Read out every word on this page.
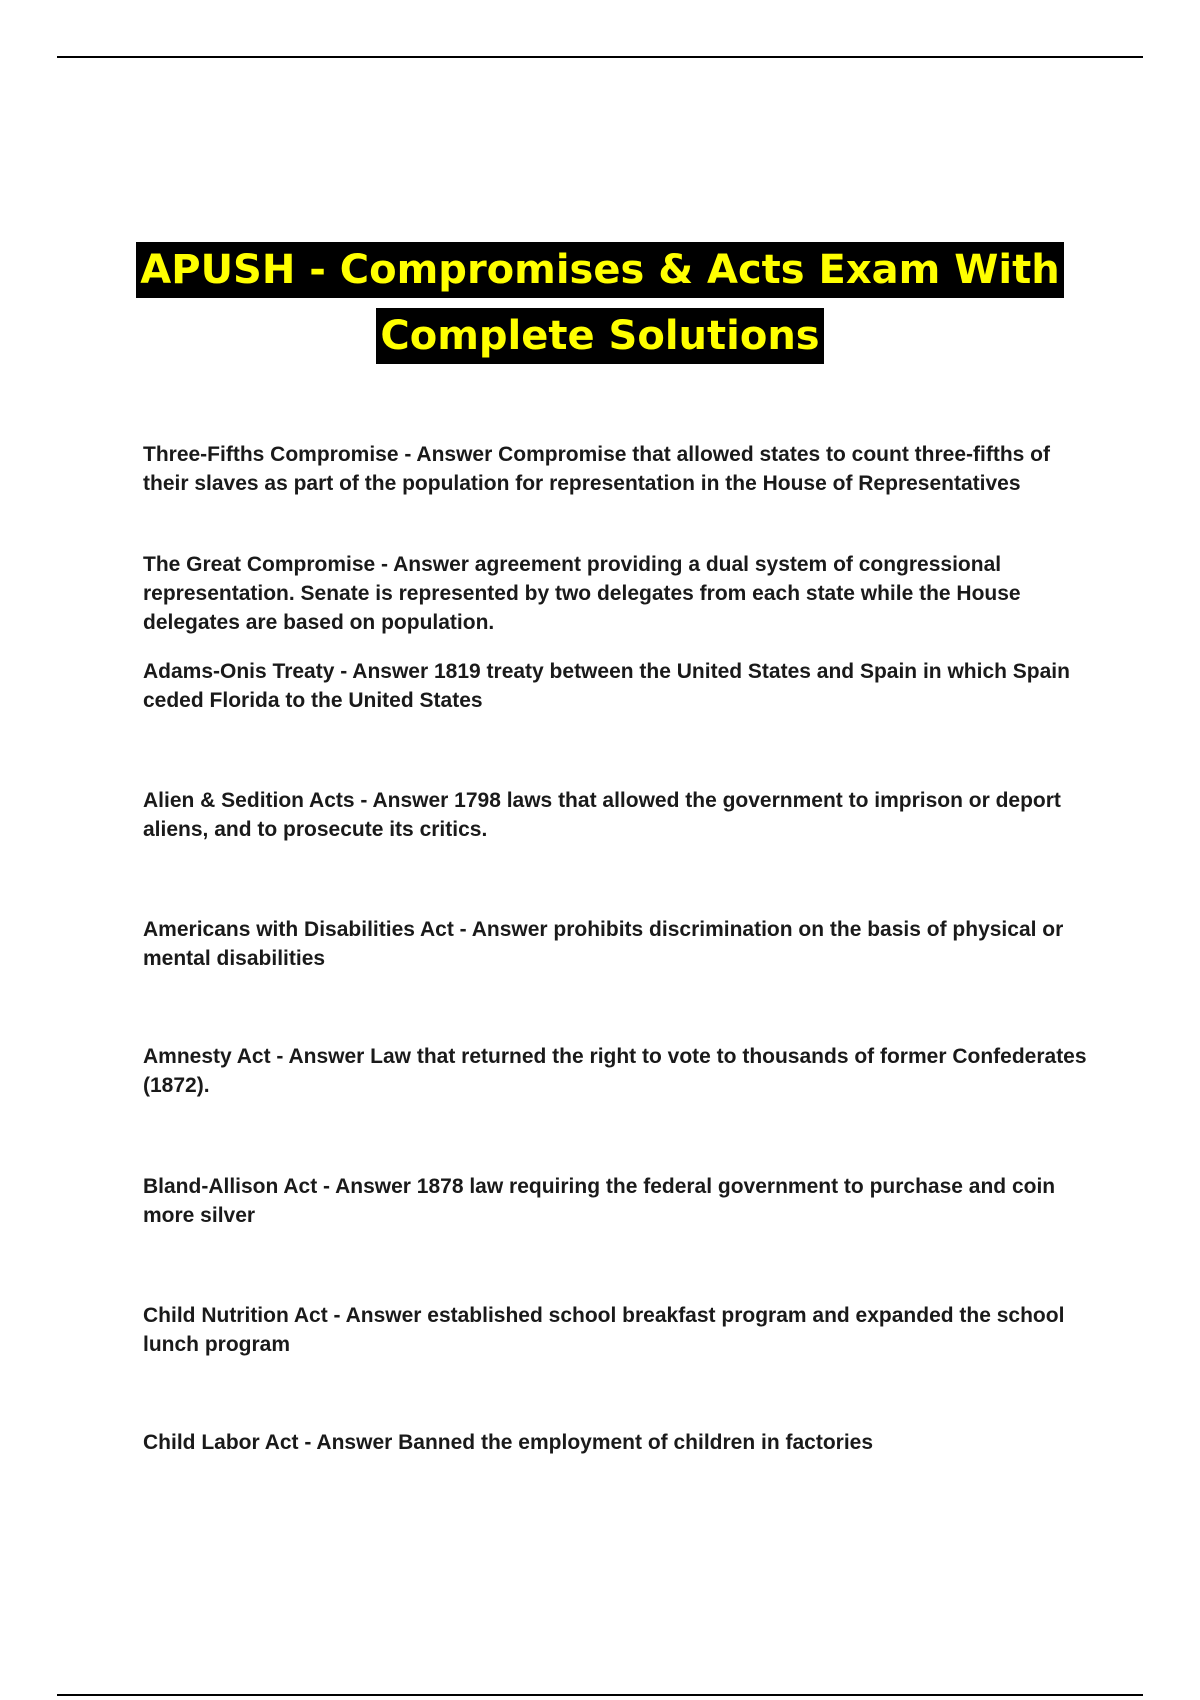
APUSH - Compromises & Acts Exam With
Complete Solutions

Three-Fifths Compromise - Answer Compromise that allowed states to count three-fifths of their slaves as part of the population for representation in the House of Representatives

The Great Compromise - Answer agreement providing a dual system of congressional representation. Senate is represented by two delegates from each state while the House delegates are based on population.

Adams-Onis Treaty - Answer 1819 treaty between the United States and Spain in which Spain ceded Florida to the United States

Alien & Sedition Acts - Answer 1798 laws that allowed the government to imprison or deport aliens, and to prosecute its critics.

Americans with Disabilities Act - Answer prohibits discrimination on the basis of physical or mental disabilities

Amnesty Act - Answer Law that returned the right to vote to thousands of former Confederates (1872).

Bland-Allison Act - Answer 1878 law requiring the federal government to purchase and coin more silver

Child Nutrition Act - Answer established school breakfast program and expanded the school lunch program

Child Labor Act - Answer Banned the employment of children in factories
